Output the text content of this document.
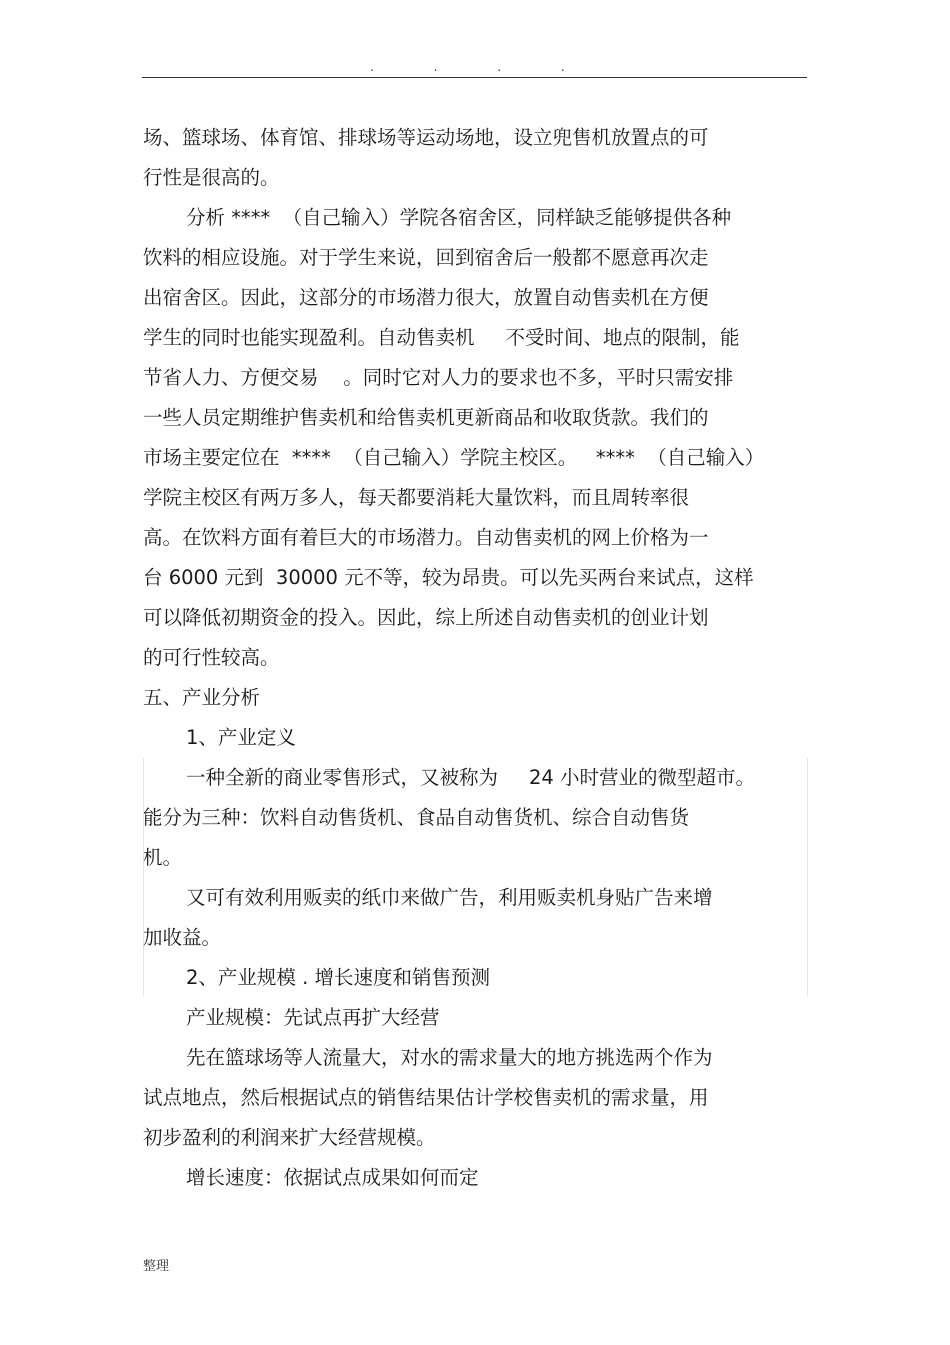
. . . .
场、篮球场、体育馆、排球场等运动场地，设立兜售机放置点的可
行性是很高的。
分析 ****  （自己输入）学院各宿舍区，同样缺乏能够提供各种
饮料的相应设施。对于学生来说，回到宿舍后一般都不愿意再次走
出宿舍区。因此，这部分的市场潜力很大，放置自动售卖机在方便
学生的同时也能实现盈利。自动售卖机     不受时间、地点的限制，能
节省人力、方便交易    。同时它对人力的要求也不多，平时只需安排
一些人员定期维护售卖机和给售卖机更新商品和收取货款。我们的
市场主要定位在  ****  （自己输入）学院主校区。   ****  （自己输入）
学院主校区有两万多人，每天都要消耗大量饮料，而且周转率很
高。在饮料方面有着巨大的市场潜力。自动售卖机的网上价格为一
台 6000 元到  30000 元不等，较为昂贵。可以先买两台来试点，这样
可以降低初期资金的投入。因此，综上所述自动售卖机的创业计划
的可行性较高。
五、产业分析
1、产业定义
一种全新的商业零售形式，又被称为     24 小时营业的微型超市。
能分为三种：饮料自动售货机、食品自动售货机、综合自动售货
机。
又可有效利用贩卖的纸巾来做广告，利用贩卖机身贴广告来增
加收益。
2、产业规模 . 增长速度和销售预测
产业规模：先试点再扩大经营
先在篮球场等人流量大，对水的需求量大的地方挑选两个作为
试点地点，然后根据试点的销售结果估计学校售卖机的需求量，用
初步盈利的利润来扩大经营规模。
增长速度：依据试点成果如何而定
整理
